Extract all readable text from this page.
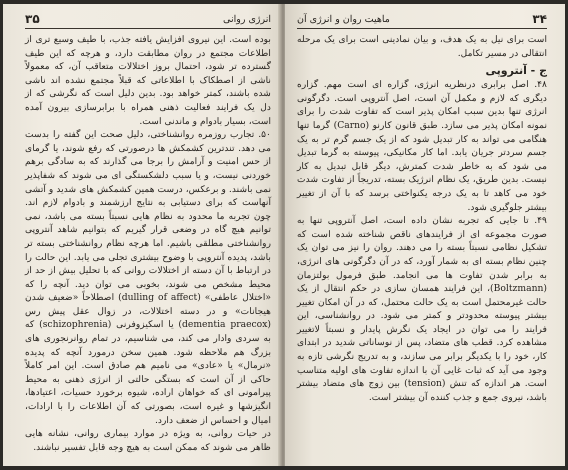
انرژی روانی
۳۵

بوده است. این نیروی افزایش یافته جذب، با طیف وسیع تری از اطلاعات مجتمع در روان مطابقت دارد، و هرچه که این طیف گسترده تر شود، احتمال بروز اختلالات متعاقب آن، که معمولاً ناشی از اصطکاک با اطلاعاتی که قبلاً مجتمع نشده اند ناشی شده باشند، کمتر خواهد بود. بدین دلیل است که نگرشی که از دل یک فرایند فعالیت ذهنی همراه با برابرسازی بیرون آمده است، بسیار بادوام و ماندنی است.

۵۰. تجارب روزمره روانشناختی، دلیل صحت این گفته را بدست می دهد. تندترین کشمکش ها درصورتی که رفع شوند، یا گرمای از حس امنیت و آرامش را برجا می گذارند که به سادگی برهم خوردنی نیست، و یا سبب دلشکستگی ای می شوند که شفاپذیر نمی باشند. و برعکس، درست همین کشمکش های شدید و آتشی آنهاست که برای دستیابی به نتایج ارزشمند و بادوام لازم اند. چون تجربه ما محدود به نظام هایی نسبتاً بسته می باشد، نمی توانیم هیچ گاه در وضعی قرار گیریم که بتوانیم شاهد آنتروپی روانشناختی مطلقی باشیم. اما هرچه نظام روانشناختی بسته تر باشد، پدیده آنتروپی با وضوح بیشتری تجلی می یابد. این حالت را در ارتباط با آن دسته از اختلالات روانی که با تحلیل بیش از حد از محیط مشخص می شوند، بخوبی می توان دید. آنچه را که «اختلال عاطفی» (dulling of affect) اصطلاحاً «ضعیف شدن هیجانات» و در دسته اختلالات، در زوال عقل پیش رس (dementia praecox) یا اسکیزوفرنی (schizophrenia) که به سردی وادار می کند، می شناسیم، در تمام روانرنجوری های بزرگ هم ملاحظه شود. همین سخن درمورد آنچه که پدیده «نرمال» یا «عادی» می نامیم هم صادق است. این امر کاملاً حاکی از آن است که بستگی حالتی از انرژی ذهنی به محیط پیرامونی ای که خواهان اراده، شیوه برخورد حسیات، اعتیادها، انگیزشها و غیره است، بصورتی که آن اطلاعات را با ارادات، امیال و احساس از ضعف دارد.

در حیات روانی، به ویژه در موارد بیماری روانی، نشانه هایی ظاهر می شوند که ممکن است به هیچ وجه قابل تفسیر نباشند.

۳۴
ماهیت روان و انرژی آن

است برای نیل به یک هدف، و بیان نمادینی است برای یک مرحله انتقالی در مسیر تکامل.

ج - آنتروپی

۴۸. اصل برابری درنظریه انرژی، گزاره ای است مهم. گزاره دیگری که لازم و مکمل آن است، اصل آنتروپی است. دگرگونی انرژی تنها بدین سبب امکان پذیر است که تفاوت شدت را برای نمونه امکان پذیر می سازد. طبق قانون کارنو (Carno) گرما تنها هنگامی می تواند به کار تبدیل شود که از یک جسم گرم تر به یک جسم سردتر جریان یابد. اما کار مکانیکی، پیوسته به گرما تبدیل می شود که به خاطر شدت کمترش، دیگر قابل تبدیل به کار نیست. بدین طریق، یک نظام انرژیک بسته، تدریجاً از تفاوت شدت خود می کاهد تا به یک درجه یکنواختی برسد که با آن از تغییر بیشتر جلوگیری شود.

۴۹. تا جایی که تجربه نشان داده است، اصل آنتروپی تنها به صورت مجموعه ای از فرایندهای ناقص شناخته شده است که تشکیل نظامی نسبتاً بسته را می دهند. روان را نیز می توان یک چنین نظام بسته ای به شمار آورد، که در آن دگرگونی های انرژی، به برابر شدن تفاوت ها می انجامد. طبق فرمول بولتزمان (Boltzmann)، این فرایند همسان سازی در حکم انتقال از یک حالت غیرمحتمل است به یک حالت محتمل، که در آن امکان تغییر بیشتر پیوسته محدودتر و کمتر می شود. در روانشناسی، این فرایند را می توان در ایجاد یک نگرش پایدار و نسبتاً لاتغییر مشاهده کرد. قطب های متضاد، پس از نوساناتی شدید در ابتدای کار، خود را با یکدیگر برابر می سازند، و به تدریج نگرشی تازه به وجود می آید که ثبات غایی آن با اندازه تفاوت های اولیه متناسب است. هر اندازه که تنش (tension) بین زوج های متضاد بیشتر باشد، نیروی جمع و جذب کننده آن بیشتر است.
